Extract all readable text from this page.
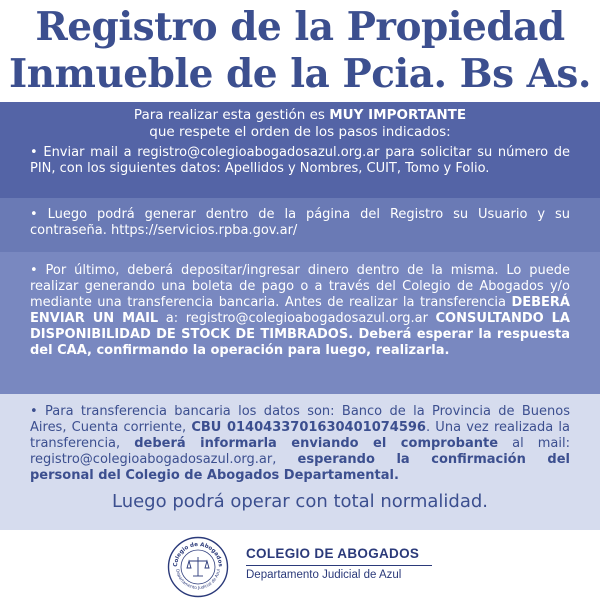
Registro de la Propiedad
Inmueble de la Pcia. Bs As.
Para realizar esta gestión es MUY IMPORTANTE
que respete el orden de los pasos indicados:

• Enviar mail a registro@colegioabogadosazul.org.ar para solicitar su número de PIN, con los siguientes datos: Apellidos y Nombres, CUIT, Tomo y Folio.

• Luego podrá generar dentro de la página del Registro su Usuario y su contraseña. https://servicios.rpba.gov.ar/

• Por último, deberá depositar/ingresar dinero dentro de la misma. Lo puede realizar generando una boleta de pago o a través del Colegio de Abogados y/o mediante una transferencia bancaria. Antes de realizar la transferencia DEBERÁ ENVIAR UN MAIL a: registro@colegioabogadosazul.org.ar CONSULTANDO LA DISPONIBILIDAD DE STOCK DE TIMBRADOS. Deberá esperar la respuesta del CAA, confirmando la operación para luego, realizarla.

• Para transferencia bancaria los datos son: Banco de la Provincia de Buenos Aires, Cuenta corriente, CBU 0140433701630401074596. Una vez realizada la transferencia, deberá informarla enviando el comprobante al mail: registro@colegioabogadosazul.org.ar, esperando la confirmación del personal del Colegio de Abogados Departamental.

Luego podrá operar con total normalidad.
Colegio de Abogados
Departamento Judicial de Azul
COLEGIO DE ABOGADOS
Departamento Judicial de Azul
